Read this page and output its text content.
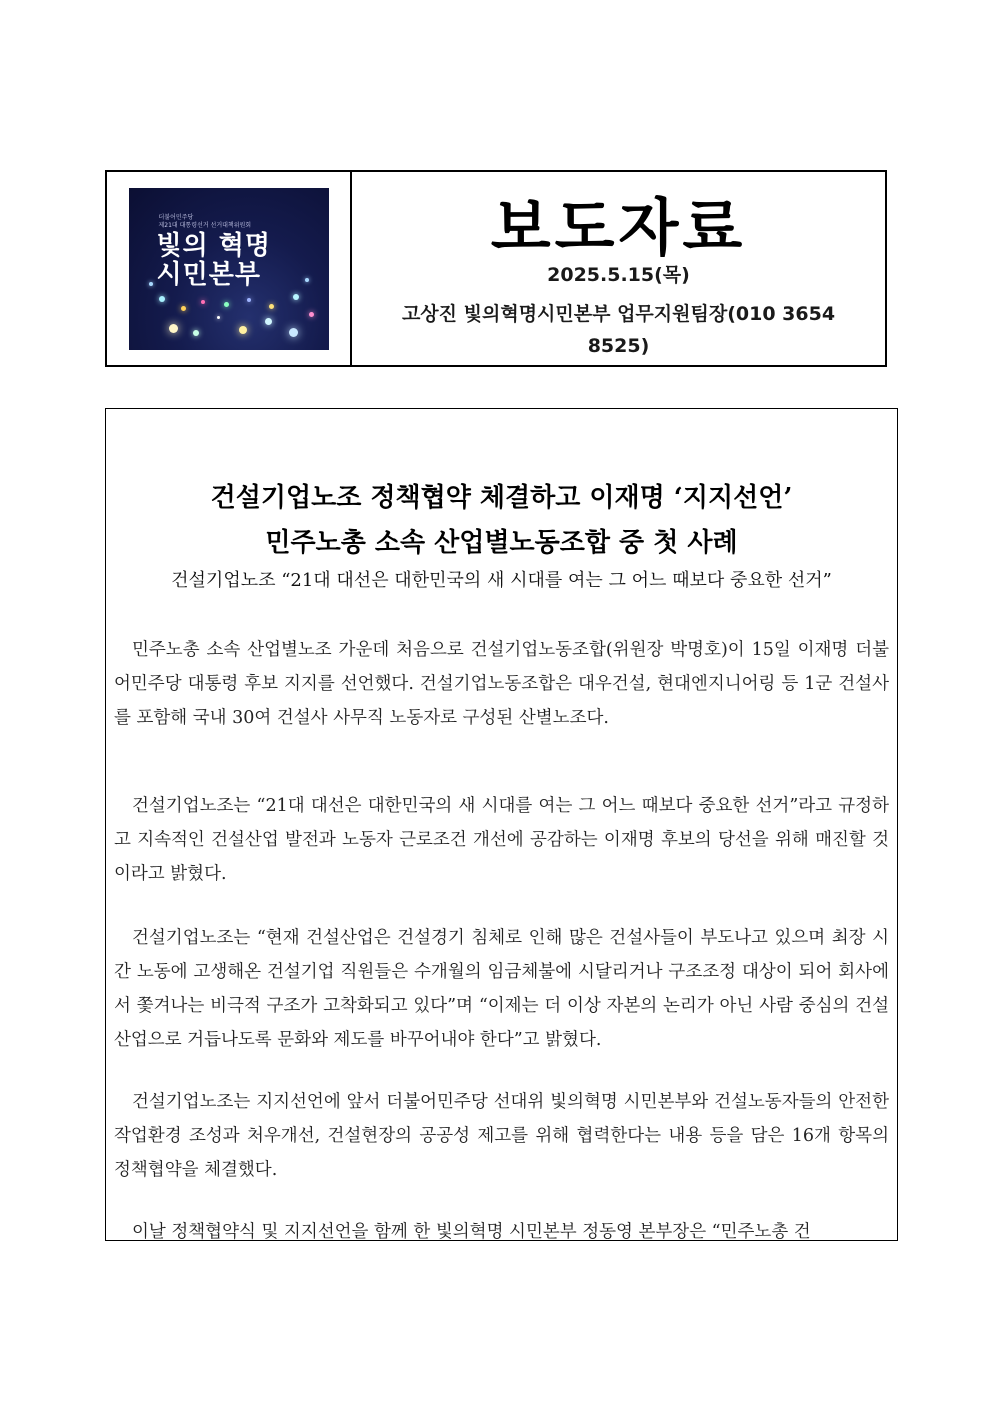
더불어민주당
제21대 대통령선거 선거대책위원회
빛의 혁명
시민본부
보도자료
2025.5.15(목)
고상진 빛의혁명시민본부 업무지원팀장(010 3654
8525)
건설기업노조 정책협약 체결하고 이재명 ‘지지선언’
민주노총 소속 산업별노동조합 중 첫 사례
건설기업노조 “21대 대선은 대한민국의 새 시대를 여는 그 어느 때보다 중요한 선거”

민주노총 소속 산업별노조 가운데 처음으로 건설기업노동조합(위원장 박명호)이 15일 이재명 더불어민주당 대통령 후보 지지를 선언했다. 건설기업노동조합은 대우건설, 현대엔지니어링 등 1군 건설사를 포함해 국내 30여 건설사 사무직 노동자로 구성된 산별노조다.

건설기업노조는 “21대 대선은 대한민국의 새 시대를 여는 그 어느 때보다 중요한 선거”라고 규정하고 지속적인 건설산업 발전과 노동자 근로조건 개선에 공감하는 이재명 후보의 당선을 위해 매진할 것이라고 밝혔다.

건설기업노조는 “현재 건설산업은 건설경기 침체로 인해 많은 건설사들이 부도나고 있으며 최장 시간 노동에 고생해온 건설기업 직원들은 수개월의 임금체불에 시달리거나 구조조정 대상이 되어 회사에서 쫓겨나는 비극적 구조가 고착화되고 있다”며 “이제는 더 이상 자본의 논리가 아닌 사람 중심의 건설산업으로 거듭나도록 문화와 제도를 바꾸어내야 한다”고 밝혔다.

건설기업노조는 지지선언에 앞서 더불어민주당 선대위 빛의혁명 시민본부와 건설노동자들의 안전한 작업환경 조성과 처우개선, 건설현장의 공공성 제고를 위해 협력한다는 내용 등을 담은 16개 항목의 정책협약을 체결했다.

이날 정책협약식 및 지지선언을 함께 한 빛의혁명 시민본부 정동영 본부장은 “민주노총 건
